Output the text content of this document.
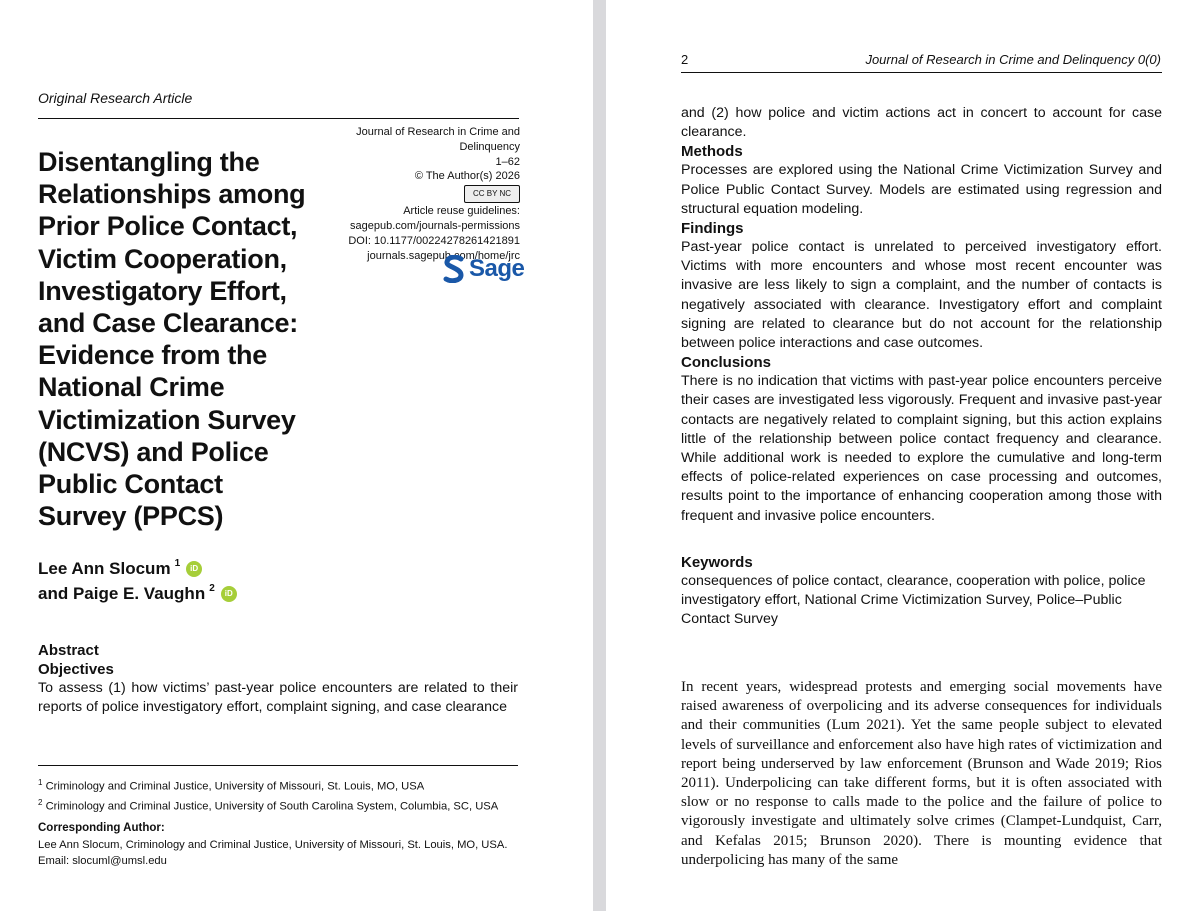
Original Research Article
Journal of Research in Crime and
Delinquency
1–62
© The Author(s) 2026
CC BY NC
Article reuse guidelines:
sagepub.com/journals-permissions
DOI: 10.1177/00224278261421891
journals.sagepub.com/home/jrc
Sage
Disentangling the
Relationships among
Prior Police Contact,
Victim Cooperation,
Investigatory Effort,
and Case Clearance:
Evidence from the
National Crime
Victimization Survey
(NCVS) and Police
Public Contact
Survey (PPCS)
Lee Ann Slocum $^1$	iD
and Paige E. Vaughn $^2$	iD
Abstract
Objectives
To assess (1) how victims’ past-year police encounters are related to their reports of police investigatory effort, complaint signing, and case clearance
$^1$ Criminology and Criminal Justice, University of Missouri, St. Louis, MO, USA
$^2$ Criminology and Criminal Justice, University of South Carolina System, Columbia, SC, USA
Corresponding Author:
Lee Ann Slocum, Criminology and Criminal Justice, University of Missouri, St. Louis, MO, USA.
Email: slocuml@umsl.edu
2	Journal of Research in Crime and Delinquency 0(0)
and (2) how police and victim actions act in concert to account for case clearance.
Methods
Processes are explored using the National Crime Victimization Survey and Police Public Contact Survey. Models are estimated using regression and structural equation modeling.
Findings
Past-year police contact is unrelated to perceived investigatory effort. Victims with more encounters and whose most recent encounter was invasive are less likely to sign a complaint, and the number of contacts is negatively associated with clearance. Investigatory effort and complaint signing are related to clearance but do not account for the relationship between police interactions and case outcomes.
Conclusions
There is no indication that victims with past-year police encounters perceive their cases are investigated less vigorously. Frequent and invasive past-year contacts are negatively related to complaint signing, but this action explains little of the relationship between police contact frequency and clearance. While additional work is needed to explore the cumulative and long-term effects of police-related experiences on case processing and outcomes, results point to the importance of enhancing cooperation among those with frequent and invasive police encounters.
Keywords
consequences of police contact, clearance, cooperation with police, police investigatory effort, National Crime Victimization Survey, Police–Public Contact Survey
In recent years, widespread protests and emerging social movements have raised awareness of overpolicing and its adverse consequences for individuals and their communities (Lum 2021). Yet the same people subject to elevated levels of surveillance and enforcement also have high rates of victimization and report being underserved by law enforcement (Brunson and Wade 2019; Rios 2011). Underpolicing can take different forms, but it is often associated with slow or no response to calls made to the police and the failure of police to vigorously investigate and ultimately solve crimes (Clampet-Lundquist, Carr, and Kefalas 2015; Brunson 2020). There is mounting evidence that underpolicing has many of the same
